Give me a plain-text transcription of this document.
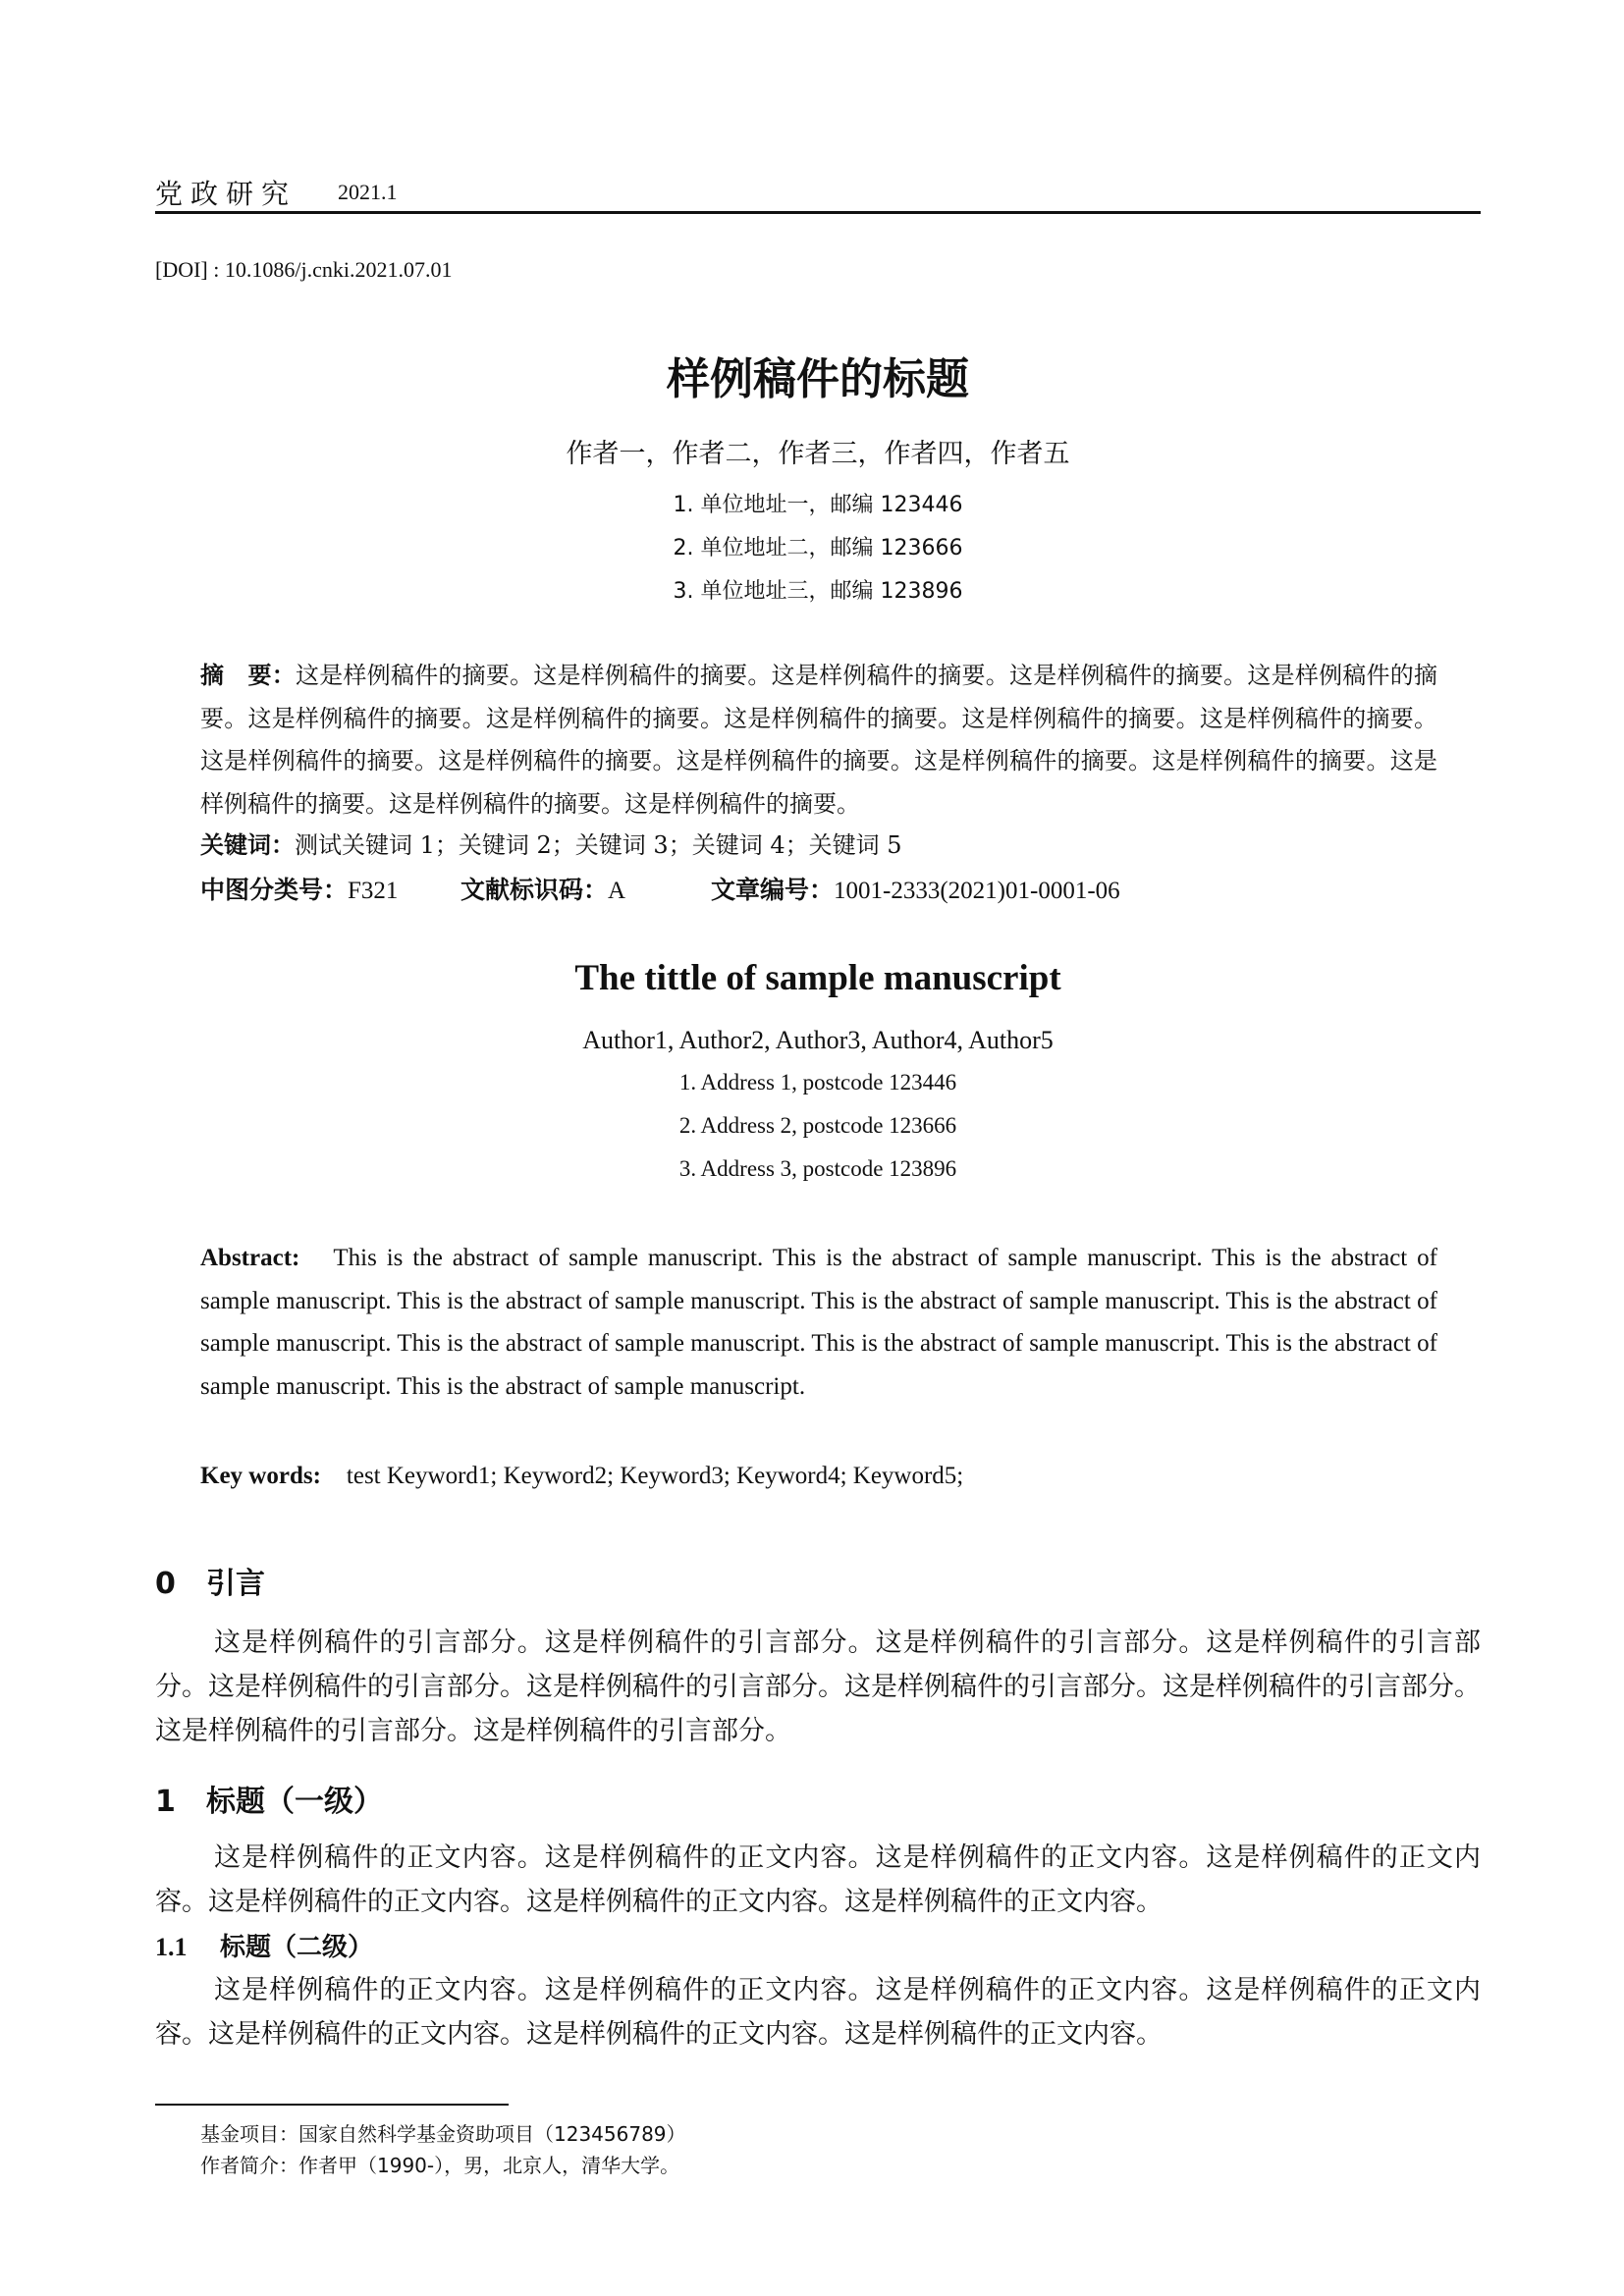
党政研究 2021.1
[DOI] : 10.1086/j.cnki.2021.07.01
样例稿件的标题
作者一，作者二，作者三，作者四，作者五
1. 单位地址一，邮编 123446
2. 单位地址二，邮编 123666
3. 单位地址三，邮编 123896
摘　要：这是样例稿件的摘要。这是样例稿件的摘要。这是样例稿件的摘要。这是样例稿件的摘要。这是样例稿件的摘要。这是样例稿件的摘要。这是样例稿件的摘要。这是样例稿件的摘要。这是样例稿件的摘要。这是样例稿件的摘要。这是样例稿件的摘要。这是样例稿件的摘要。这是样例稿件的摘要。这是样例稿件的摘要。这是样例稿件的摘要。这是样例稿件的摘要。这是样例稿件的摘要。这是样例稿件的摘要。
关键词：测试关键词 1；关键词 2；关键词 3；关键词 4；关键词 5
中图分类号：F321	文献标识码：A	文章编号：1001-2333(2021)01-0001-06
The tittle of sample manuscript
Author1, Author2, Author3, Author4, Author5
1. Address 1, postcode 123446
2. Address 2, postcode 123666
3. Address 3, postcode 123896
Abstract: This is the abstract of sample manuscript. This is the abstract of sample manuscript. This is the abstract of sample manuscript. This is the abstract of sample manuscript. This is the abstract of sample manuscript. This is the abstract of sample manuscript. This is the abstract of sample manuscript. This is the abstract of sample manuscript. This is the abstract of sample manuscript. This is the abstract of sample manuscript.
Key words: test Keyword1; Keyword2; Keyword3; Keyword4; Keyword5;
0 引言
这是样例稿件的引言部分。这是样例稿件的引言部分。这是样例稿件的引言部分。这是样例稿件的引言部分。这是样例稿件的引言部分。这是样例稿件的引言部分。这是样例稿件的引言部分。这是样例稿件的引言部分。这是样例稿件的引言部分。这是样例稿件的引言部分。
1 标题（一级）
这是样例稿件的正文内容。这是样例稿件的正文内容。这是样例稿件的正文内容。这是样例稿件的正文内容。这是样例稿件的正文内容。这是样例稿件的正文内容。这是样例稿件的正文内容。
1.1 标题（二级）
这是样例稿件的正文内容。这是样例稿件的正文内容。这是样例稿件的正文内容。这是样例稿件的正文内容。这是样例稿件的正文内容。这是样例稿件的正文内容。这是样例稿件的正文内容。
基金项目：国家自然科学基金资助项目（123456789）
作者简介：作者甲（1990-），男，北京人，清华大学。
